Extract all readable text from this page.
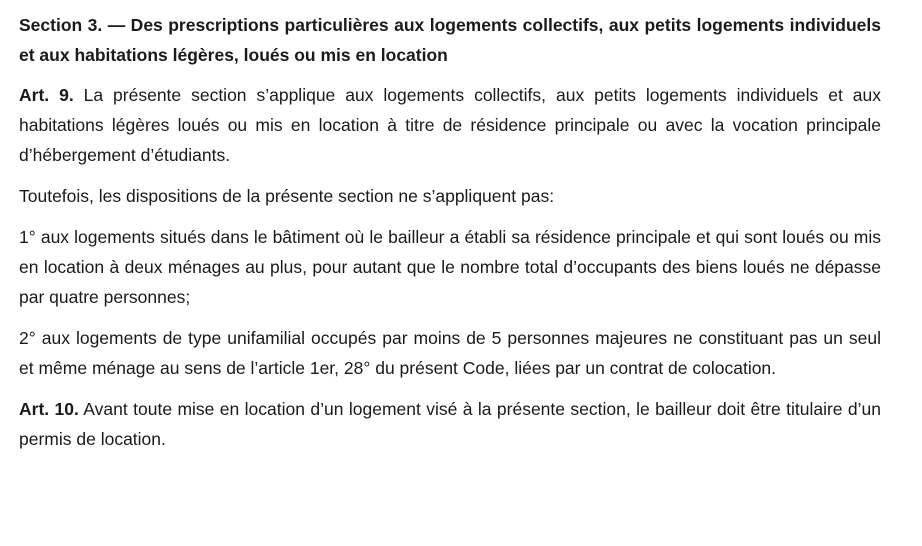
Section 3. — Des prescriptions particulières aux logements collectifs, aux petits logements individuels et aux habitations légères, loués ou mis en location

Art. 9. La présente section s’applique aux logements collectifs, aux petits logements individuels et aux habitations légères loués ou mis en location à titre de résidence principale ou avec la vocation principale d’hébergement d’étudiants.

Toutefois, les dispositions de la présente section ne s’appliquent pas:

1° aux logements situés dans le bâtiment où le bailleur a établi sa résidence principale et qui sont loués ou mis en location à deux ménages au plus, pour autant que le nombre total d’occupants des biens loués ne dépasse par quatre personnes;

2° aux logements de type unifamilial occupés par moins de 5 personnes majeures ne constituant pas un seul et même ménage au sens de l’article 1er, 28° du présent Code, liées par un contrat de colocation.

Art. 10. Avant toute mise en location d’un logement visé à la présente section, le bailleur doit être titulaire d’un permis de location.
